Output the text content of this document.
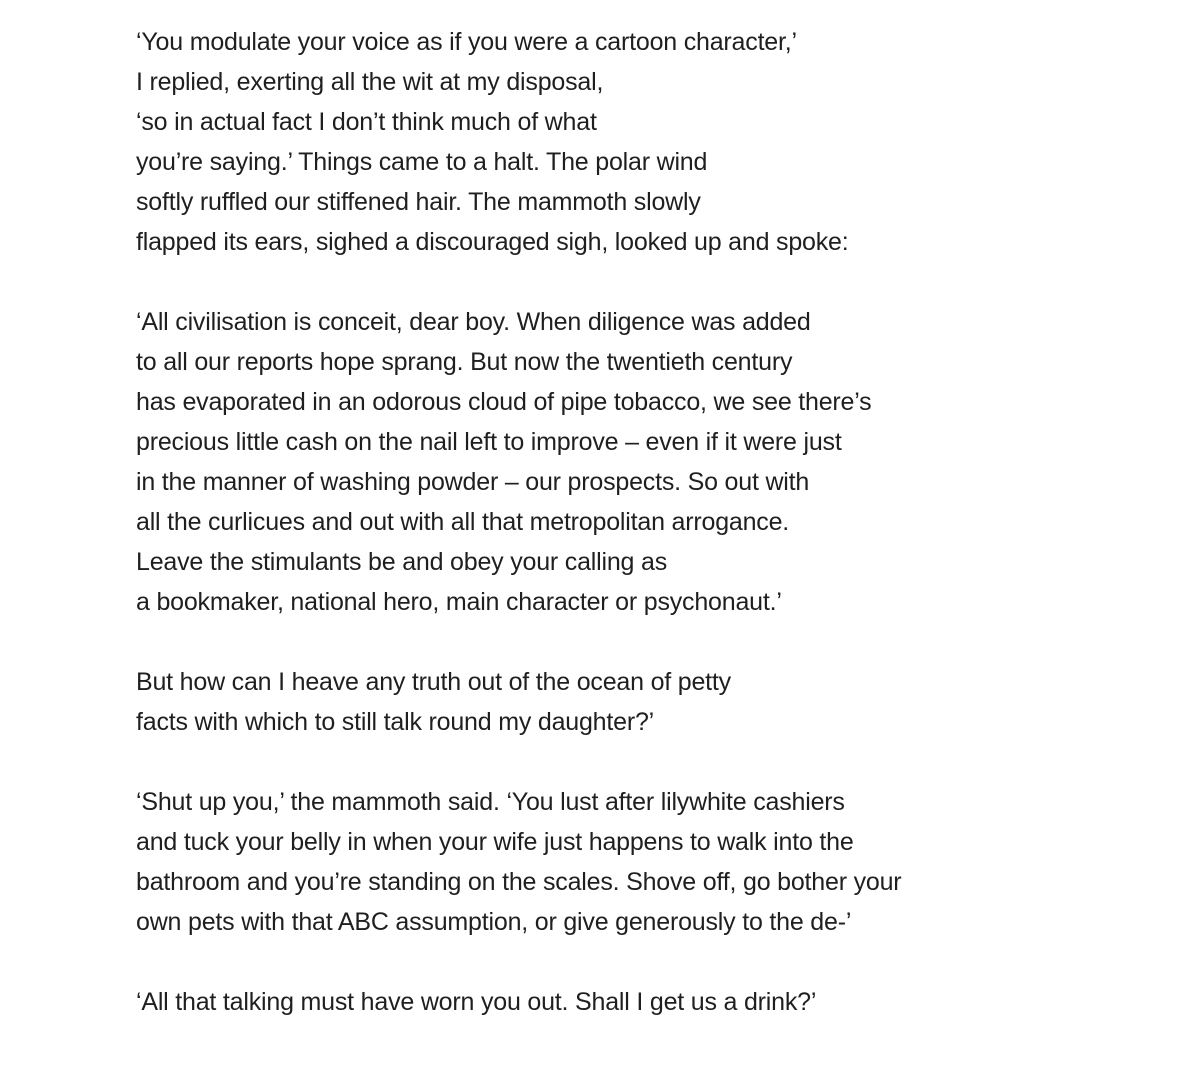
‘You modulate your voice as if you were a cartoon character,’
I replied, exerting all the wit at my disposal,
‘so in actual fact I don’t think much of what
you’re saying.’ Things came to a halt. The polar wind
softly ruffled our stiffened hair. The mammoth slowly
flapped its ears, sighed a discouraged sigh, looked up and spoke:
‘All civilisation is conceit, dear boy. When diligence was added
to all our reports hope sprang. But now the twentieth century
has evaporated in an odorous cloud of pipe tobacco, we see there’s
precious little cash on the nail left to improve – even if it were just
in the manner of washing powder – our prospects. So out with
all the curlicues and out with all that metropolitan arrogance.
Leave the stimulants be and obey your calling as
a bookmaker, national hero, main character or psychonaut.’
But how can I heave any truth out of the ocean of petty
facts with which to still talk round my daughter?’
‘Shut up you,’ the mammoth said. ‘You lust after lilywhite cashiers
and tuck your belly in when your wife just happens to walk into the
bathroom and you’re standing on the scales. Shove off, go bother your
own pets with that ABC assumption, or give generously to the de-’
‘All that talking must have worn you out. Shall I get us a drink?’
